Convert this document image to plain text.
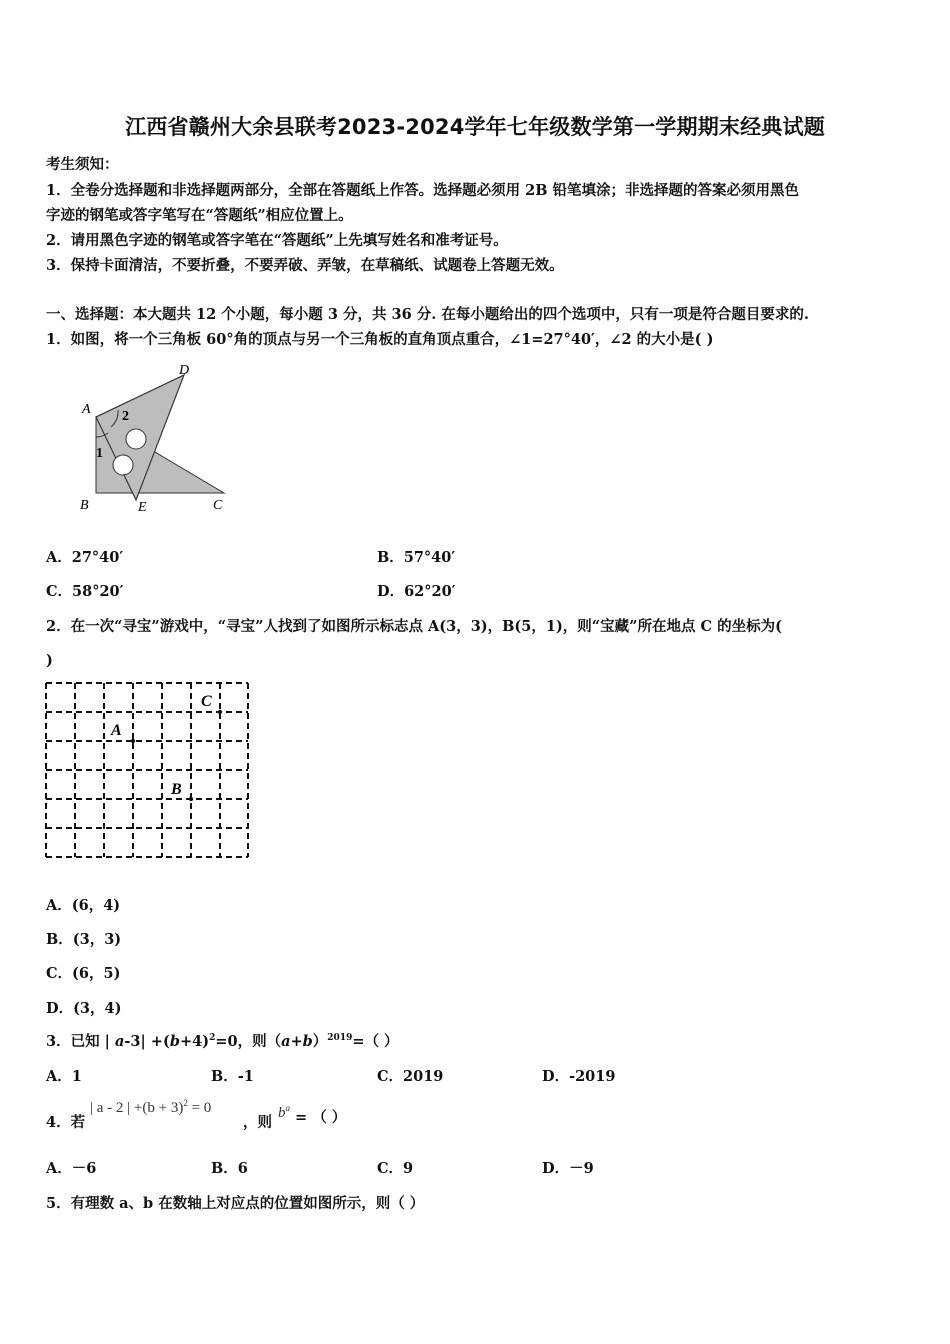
江西省赣州大余县联考2023-2024学年七年级数学第一学期期末经典试题
考生须知：
1．全卷分选择题和非选择题两部分，全部在答题纸上作答。选择题必须用 2B 铅笔填涂；非选择题的答案必须用黑色
字迹的钢笔或答字笔写在“答题纸”相应位置上。
2．请用黑色字迹的钢笔或答字笔在“答题纸”上先填写姓名和准考证号。
3．保持卡面清洁，不要折叠，不要弄破、弄皱，在草稿纸、试题卷上答题无效。
一、选择题：本大题共 12 个小题，每小题 3 分，共 36 分. 在每小题给出的四个选项中，只有一项是符合题目要求的.
1．如图，将一个三角板 60°角的顶点与另一个三角板的直角顶点重合，∠1=27°40′，∠2 的大小是( )
A
D
B	E	C
2
1
A．27°40′	B．57°40′
C．58°20′	D．62°20′
2．在一次“寻宝”游戏中，“寻宝”人找到了如图所示标志点 A(3，3)，B(5，1)，则“宝藏”所在地点 C 的坐标为(
)
A
B
C
A．(6，4)
B．(3，3)
C．(6，5)
D．(3，4)
3．已知 | $a-3| +(b+4)^2=0$，则$(a+b)^{2019}=$（ ）
A．1	B．-1	C．2019	D．-2019
4．若
| a - 2 | $+(b + 3)^2 = 0$
，则
$b^a$
= （ ）
A．－6	B．6	C．9	D．－9
5．有理数 a、b 在数轴上对应点的位置如图所示，则（ ）
